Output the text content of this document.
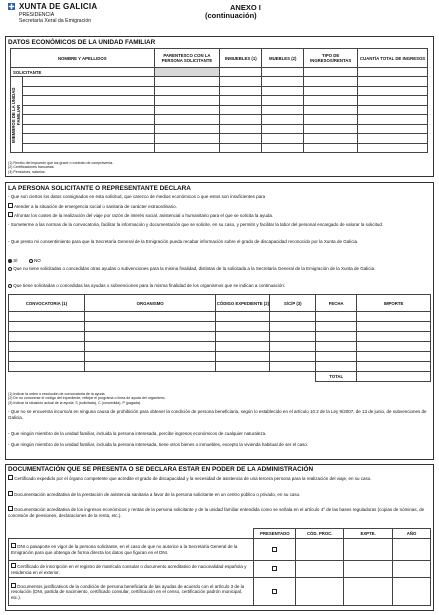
XUNTA DE GALICIA
PRESIDENCIA
Secretaría Xeral da Emigración
ANEXO I
(continuación)
DATOS ECONÓMICOS DE LA UNIDAD FAMILIAR
NOMBRE Y APELLIDOS		PARENTESCO CON LA PERSONA SOLICITANTE	INMUEBLES (1)	MUEBLES (2)	TIPO DE INGRESOS/RENTAS	CUANTÍA TOTAL DE INGRESOS
SOLICITANTE						

MIEMBROS DE LA UNIDAD FAMILIAR						

(1) Recibo del impuesto que los grave o contrato de compraventa.
(2) Certificaciones bancarias.
(3) Pensiones, salarios.
LA PERSONA SOLICITANTE O REPRESENTANTE DECLARA
- Que son ciertos los datos consignados en esta solicitud, que carezco de medios económicos o que estos son insuficientes para
Atender a la situación de emergencia social o sanitaria de carácter extraordinario.
Afrontar los costes de la realización del viaje por razón de interés social, asistencial o humanitario para el que se solicita la ayuda.
- Someterme a las normas de la convocatoria, facilitar la información y documentación que se solicite, en su caso, y permitir y facilitar la labor del personal encargado de valorar la solicitud.
- Que presto mi consentimiento para que la Secretaría General de la Emigración pueda recabar información sobre el grado de discapacidad reconocido por la Xunta de Galicia.
SÍ	NO
Que no tiene solicitadas o concedidas otras ayudas o subvenciones para la misma finalidad, distintas de la solicitada a la Secretaría General de la Emigración de la Xunta de Galicia.
Que tiene solicitadas o concedidas las ayudas o subvenciones para la misma finalidad de los organismos que se indican a continuación:
CONVOCATORIA (1)	ORGANISMO	CÓDIGO EXPEDIENTE (2)	S/C/P (3)	FECHA	IMPORTE

				TOTAL	
(1) Indicar la orden o resolución de convocatoria de la ayuda.
(2) De no conocerse el código del expediente, reflejar el programa o línea de ayuda del organismo.
(3) Indicar la situación actual de la ayuda: S (solicitada), C (concedida), P (pagada).
- Que no se encuentra incurso/a en ninguna causa de prohibición para obtener la condición de persona beneficiaria, según lo establecido en el artículo 10.2 de la Ley 9/2007, de 13 de junio, de subvenciones de Galicia.
- Que ningún miembro de la unidad familiar, incluida la persona interesada, percibe ingresos económicos de cualquier naturaleza.
- Que ningún miembro de la unidad familiar, incluida la persona interesada, tiene otros bienes o inmuebles, excepto la vivienda habitual de ser el caso.
DOCUMENTACIÓN QUE SE PRESENTA O SE DECLARA ESTAR EN PODER DE LA ADMINISTRACIÓN
Certificado expedido por el órgano competente que acredite el grado de discapacidad y la necesidad de asistencia de una tercera persona para la realización del viaje, en su caso.
Documentación acreditativa de la prestación de asistencia sanitaria a favor de la persona solicitante en un centro público o privado, en su caso.
Documentación acreditativa de los ingresos económicos y rentas de la persona solicitante y de la unidad familiar entendida como se señala en el artículo 4º de las bases reguladoras (copias de nóminas, de concesión de pensiones, declaraciones de la renta, etc.).
	PRESENTADO	CÓD. PROC.	EXPTE.	AÑO
DNI o pasaporte en vigor de la persona solicitante, en el caso de que no autorice a la Secretaría General de la Emigración para que obtenga de forma directa los datos que figuran en el DNI.				
Certificado de inscripción en el registro de matrícula consular o documento acreditativo de nacionalidad española y residencia en el exterior.				
Documentos justificativos de la condición de persona beneficiaria de las ayudas de acuerdo con el artículo 3 de la resolución (DNI, partida de nacimiento, certificado consular, certificación en el censo, certificación padrón municipal, etc.).				
